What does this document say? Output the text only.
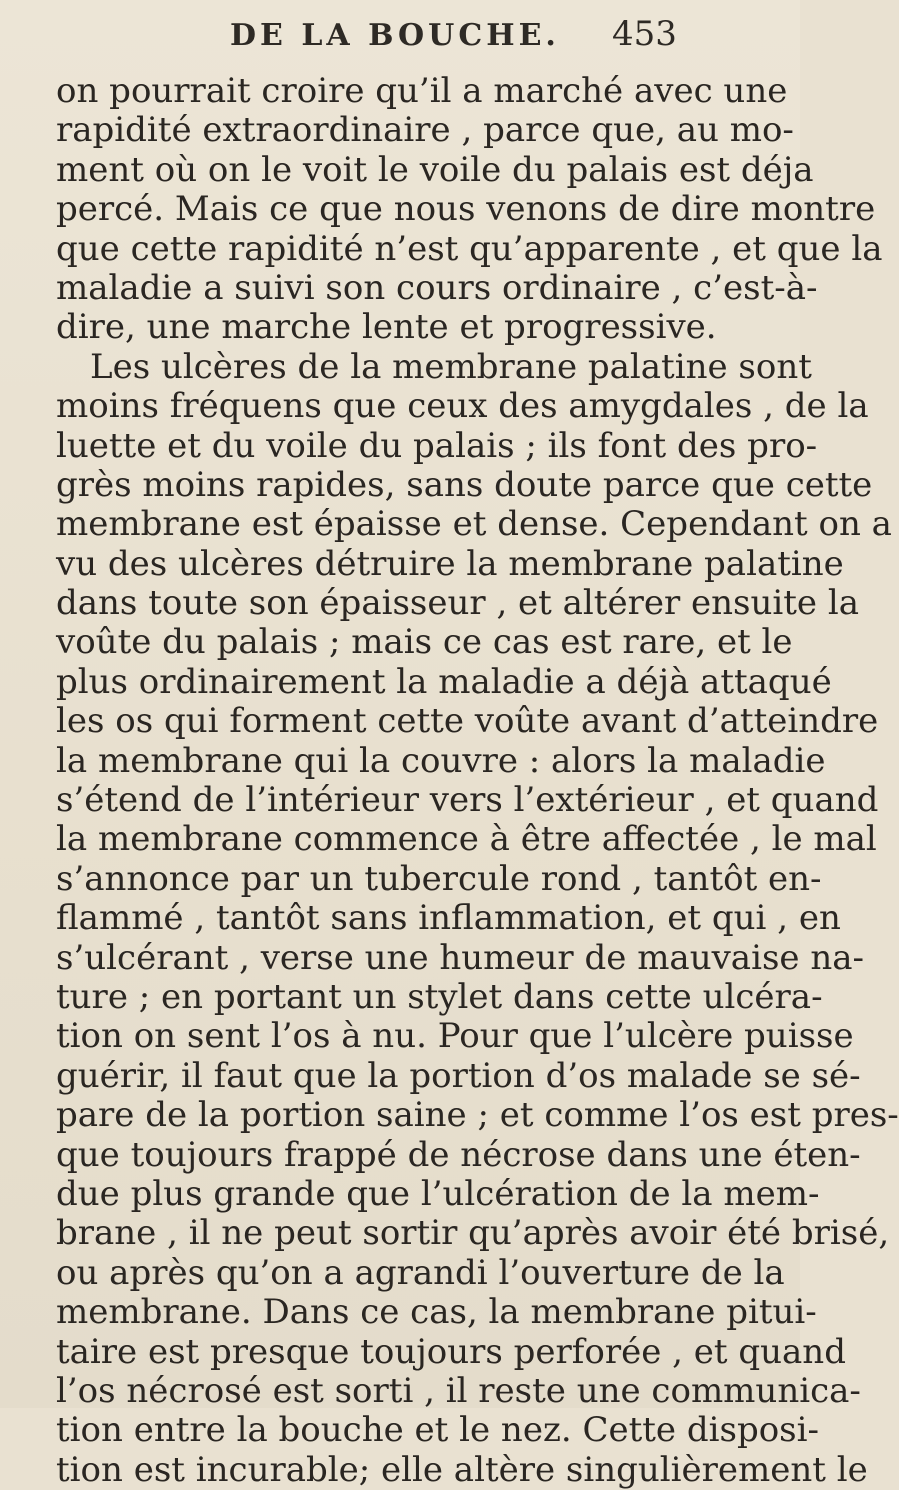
DE LA BOUCHE. 453
on pourrait croire qu’il a marché avec une
rapidité extraordinaire , parce que, au mo-
ment où on le voit le voile du palais est déja
percé. Mais ce que nous venons de dire montre
que cette rapidité n’est qu’apparente , et que la
maladie a suivi son cours ordinaire , c’est-à-
dire, une marche lente et progressive.
Les ulcères de la membrane palatine sont
moins fréquens que ceux des amygdales , de la
luette et du voile du palais ; ils font des pro-
grès moins rapides, sans doute parce que cette
membrane est épaisse et dense. Cependant on a
vu des ulcères détruire la membrane palatine
dans toute son épaisseur , et altérer ensuite la
voûte du palais ; mais ce cas est rare, et le
plus ordinairement la maladie a déjà attaqué
les os qui forment cette voûte avant d’atteindre
la membrane qui la couvre : alors la maladie
s’étend de l’intérieur vers l’extérieur , et quand
la membrane commence à être affectée , le mal
s’annonce par un tubercule rond , tantôt en-
flammé , tantôt sans inflammation, et qui , en
s’ulcérant , verse une humeur de mauvaise na-
ture ; en portant un stylet dans cette ulcéra-
tion on sent l’os à nu. Pour que l’ulcère puisse
guérir, il faut que la portion d’os malade se sé-
pare de la portion saine ; et comme l’os est pres-
que toujours frappé de nécrose dans une éten-
due plus grande que l’ulcération de la mem-
brane , il ne peut sortir qu’après avoir été brisé,
ou après qu’on a agrandi l’ouverture de la
membrane. Dans ce cas, la membrane pitui-
taire est presque toujours perforée , et quand
l’os nécrosé est sorti , il reste une communica-
tion entre la bouche et le nez. Cette disposi-
tion est incurable; elle altère singulièrement le
